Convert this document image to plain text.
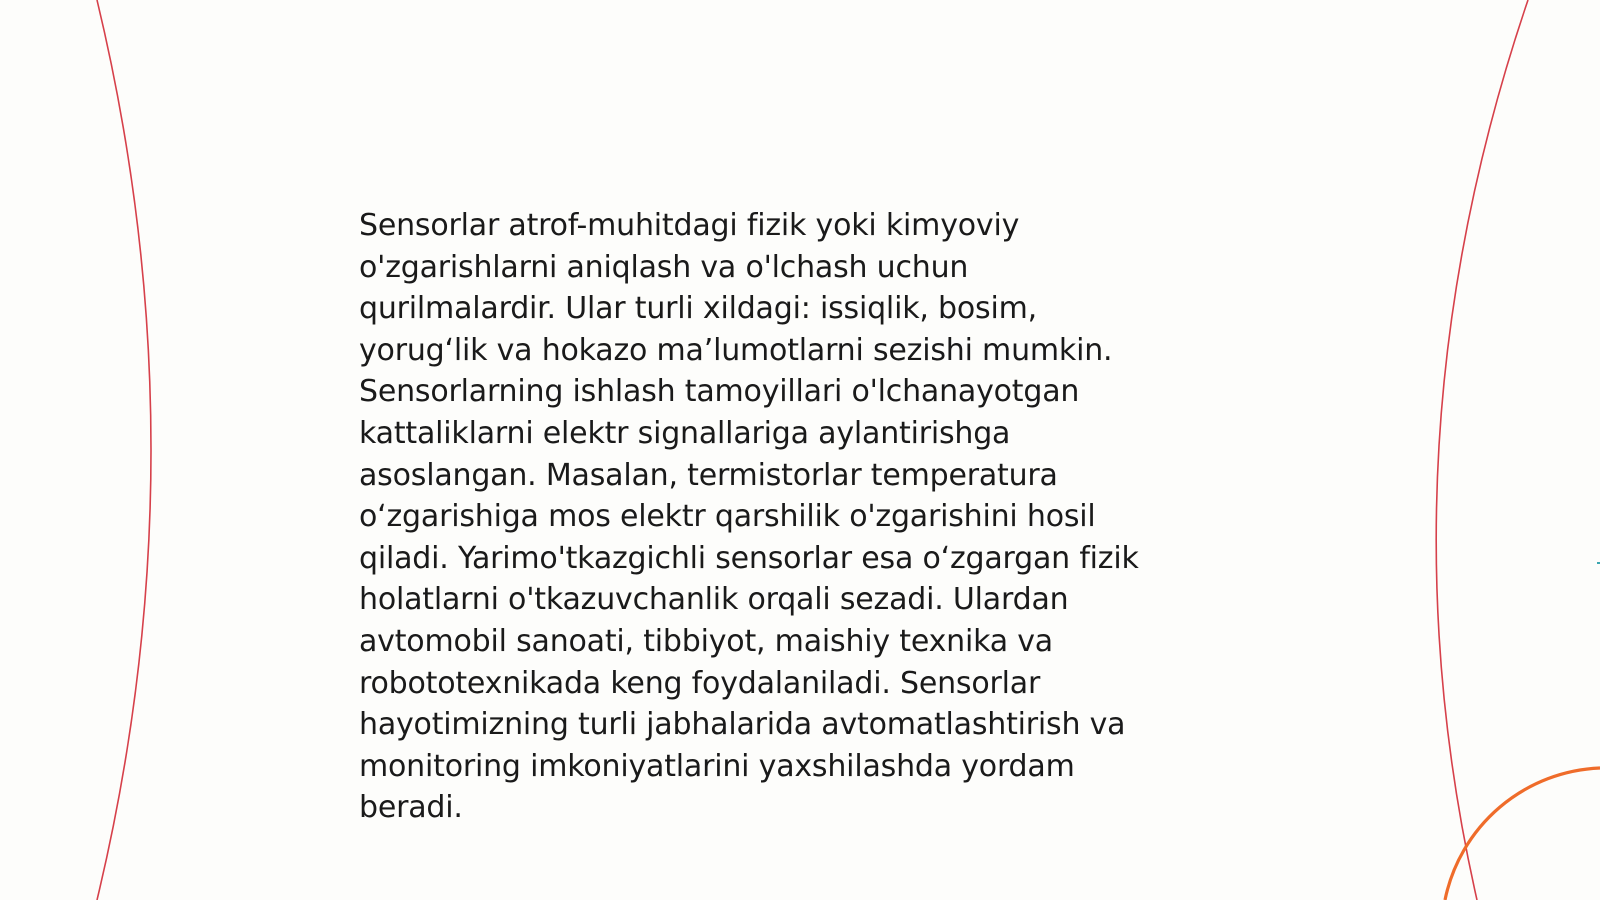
Sensorlar atrof-muhitdagi fizik yoki kimyoviy
o'zgarishlarni aniqlash va o'lchash uchun
qurilmalardir. Ular turli xildagi: issiqlik, bosim,
yorug‘lik va hokazo ma’lumotlarni sezishi mumkin.
Sensorlarning ishlash tamoyillari o'lchanayotgan
kattaliklarni elektr signallariga aylantirishga
asoslangan. Masalan, termistorlar temperatura
o‘zgarishiga mos elektr qarshilik o'zgarishini hosil
qiladi. Yarimo'tkazgichli sensorlar esa o‘zgargan fizik
holatlarni o'tkazuvchanlik orqali sezadi. Ulardan
avtomobil sanoati, tibbiyot, maishiy texnika va
robototexnikada keng foydalaniladi. Sensorlar
hayotimizning turli jabhalarida avtomatlashtirish va
monitoring imkoniyatlarini yaxshilashda yordam
beradi.
